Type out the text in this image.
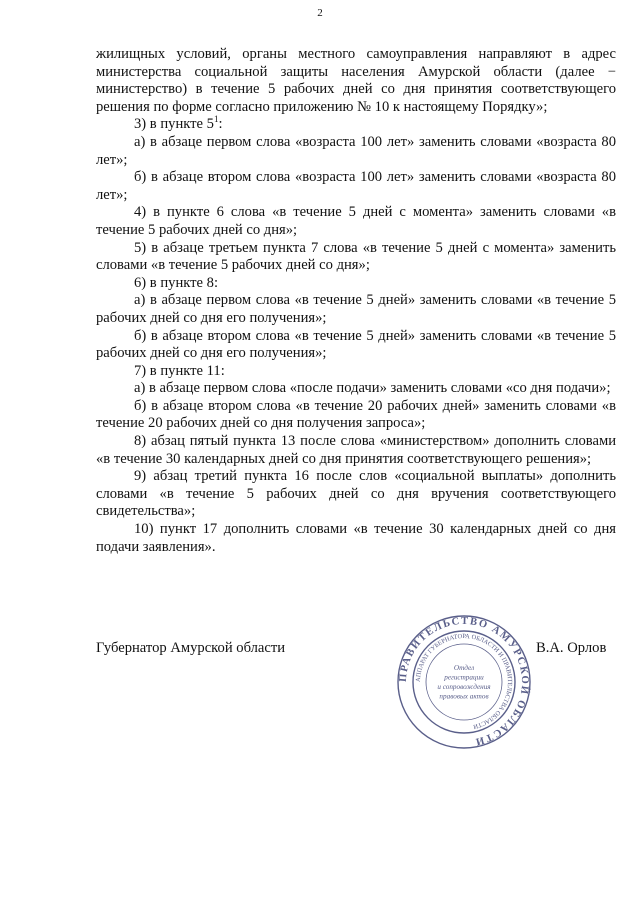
2

жилищных условий, органы местного самоуправления направляют в адрес министерства социальной защиты населения Амурской области (далее − министерство) в течение 5 рабочих дней со дня принятия соответствующего решения по форме согласно приложению № 10 к настоящему Порядку»;

3) в пункте $5^1$:

а) в абзаце первом слова «возраста 100 лет» заменить словами «возраста 80 лет»;

б) в абзаце втором слова «возраста 100 лет» заменить словами «возраста 80 лет»;

4) в пункте 6 слова «в течение 5 дней с момента» заменить словами «в течение 5 рабочих дней со дня»;

5) в абзаце третьем пункта 7 слова «в течение 5 дней с момента» заменить словами «в течение 5 рабочих дней со дня»;

6) в пункте 8:

а) в абзаце первом слова «в течение 5 дней» заменить словами «в течение 5 рабочих дней со дня его получения»;

б) в абзаце втором слова «в течение 5 дней» заменить словами «в течение 5 рабочих дней со дня его получения»;

7) в пункте 11:

а) в абзаце первом слова «после подачи» заменить словами «со дня подачи»;

б) в абзаце втором слова «в течение 20 рабочих дней» заменить словами «в течение 20 рабочих дней со дня получения запроса»;

8) абзац пятый пункта 13 после слова «министерством» дополнить словами «в течение 30 календарных дней со дня принятия соответствующего решения»;

9) абзац третий пункта 16 после слов «социальной выплаты» дополнить словами «в течение 5 рабочих дней со дня вручения соответствующего свидетельства»;

10) пункт 17 дополнить словами «в течение 30 календарных дней со дня подачи заявления».

Губернатор Амурской области	В.А. Орлов
ПРАВИТЕЛЬСТВО АМУРСКОЙ ОБЛАСТИ
АППАРАТ ГУБЕРНАТОРА ОБЛАСТИ И ПРАВИТЕЛЬСТВА ОБЛАСТИ
Отдел
регистрации
и сопровождения
правовых актов
